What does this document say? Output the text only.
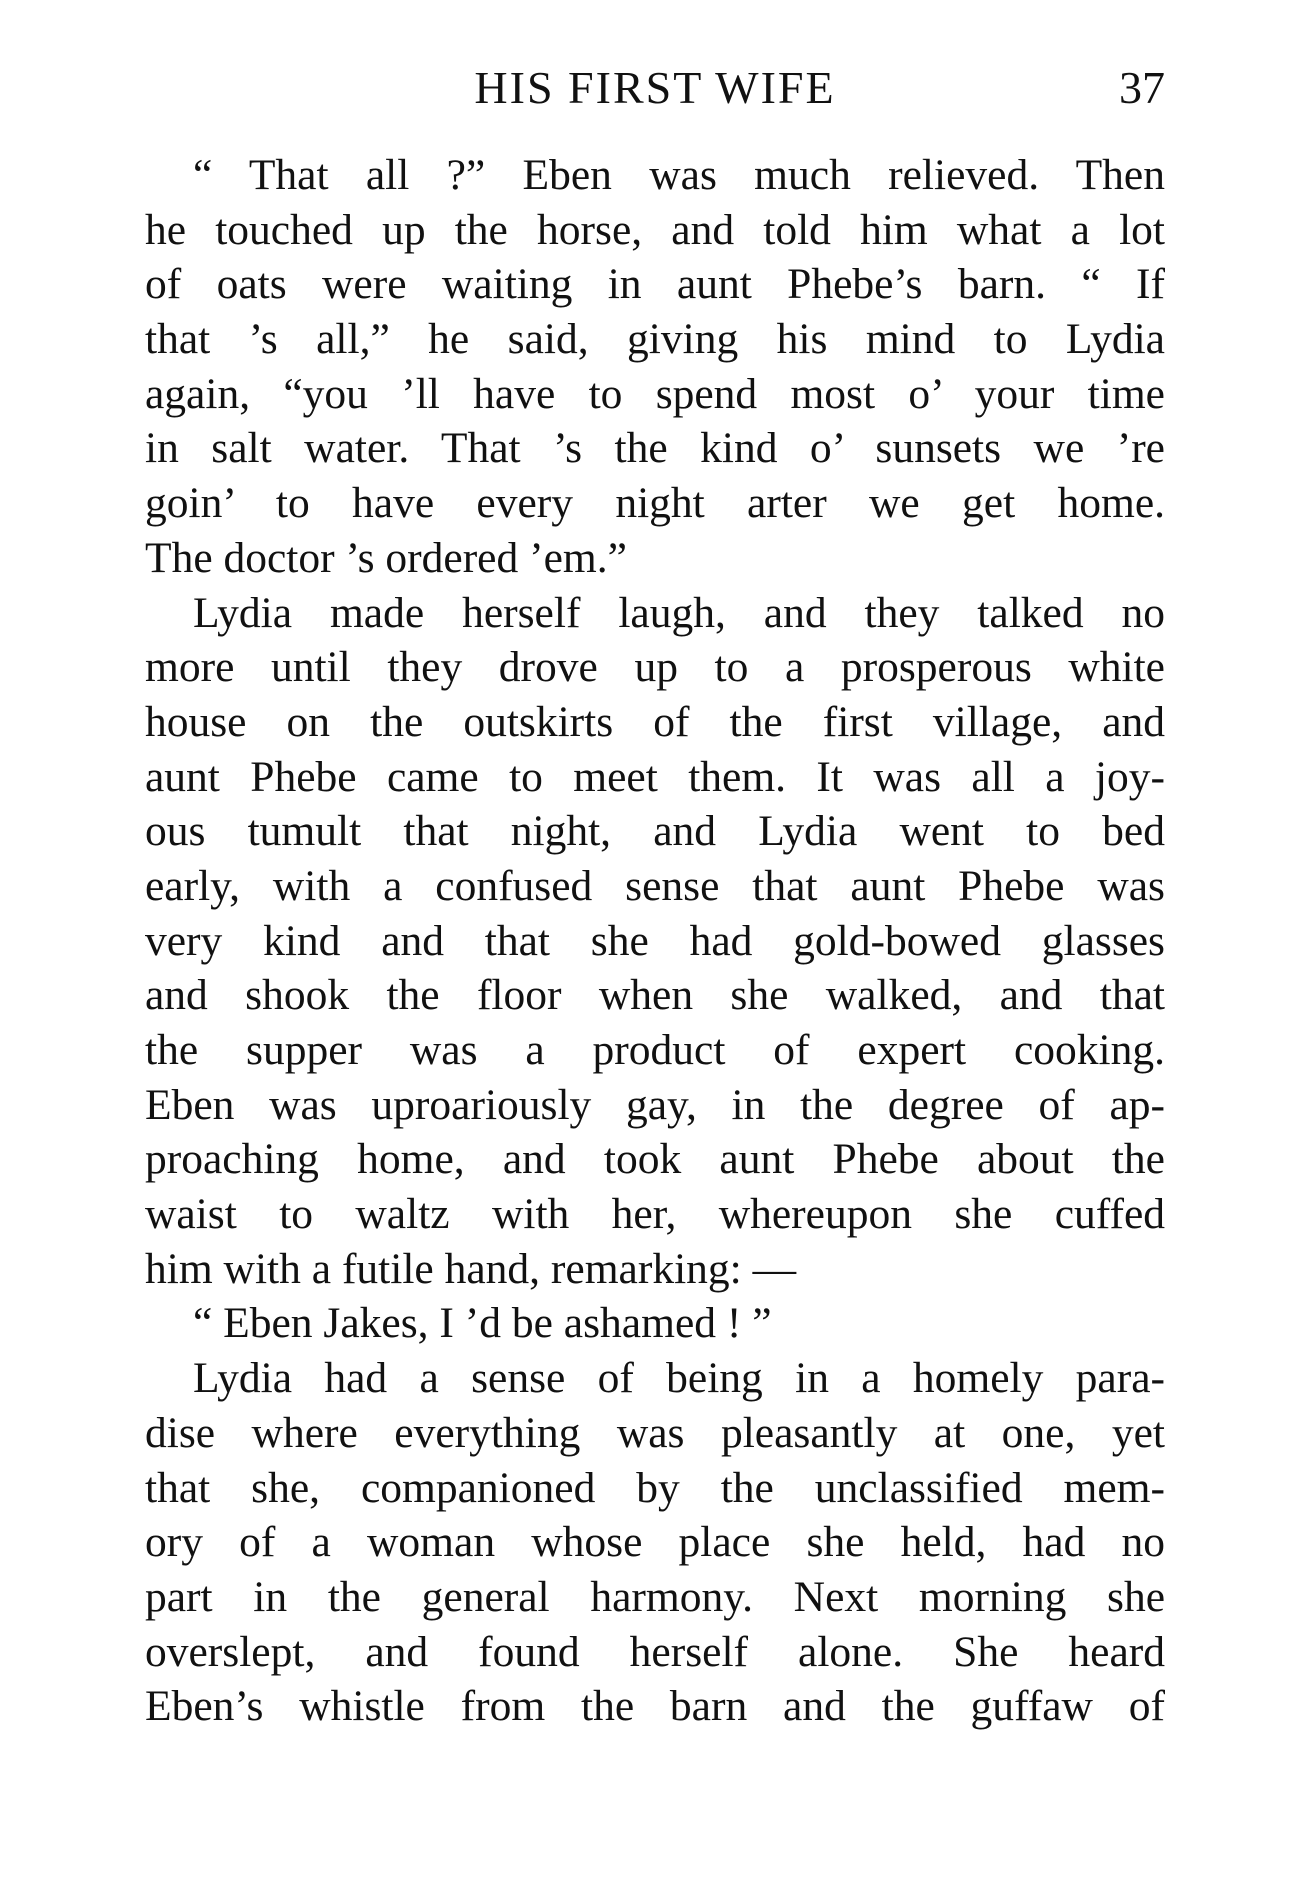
HIS FIRST WIFE	37
“ That all ?” Eben was much relieved. Then
he touched up the horse, and told him what a lot
of oats were waiting in aunt Phebe’s barn. “ If
that ’s all,” he said, giving his mind to Lydia
again, “you ’ll have to spend most o’ your time
in salt water. That ’s the kind o’ sunsets we ’re
goin’ to have every night arter we get home.
The doctor ’s ordered ’em.”
Lydia made herself laugh, and they talked no
more until they drove up to a prosperous white
house on the outskirts of the first village, and
aunt Phebe came to meet them. It was all a joy-
ous tumult that night, and Lydia went to bed
early, with a confused sense that aunt Phebe was
very kind and that she had gold-bowed glasses
and shook the floor when she walked, and that
the supper was a product of expert cooking.
Eben was uproariously gay, in the degree of ap-
proaching home, and took aunt Phebe about the
waist to waltz with her, whereupon she cuffed
him with a futile hand, remarking: —
“ Eben Jakes, I ’d be ashamed ! ”
Lydia had a sense of being in a homely para-
dise where everything was pleasantly at one, yet
that she, companioned by the unclassified mem-
ory of a woman whose place she held, had no
part in the general harmony. Next morning she
overslept, and found herself alone. She heard
Eben’s whistle from the barn and the guffaw of
